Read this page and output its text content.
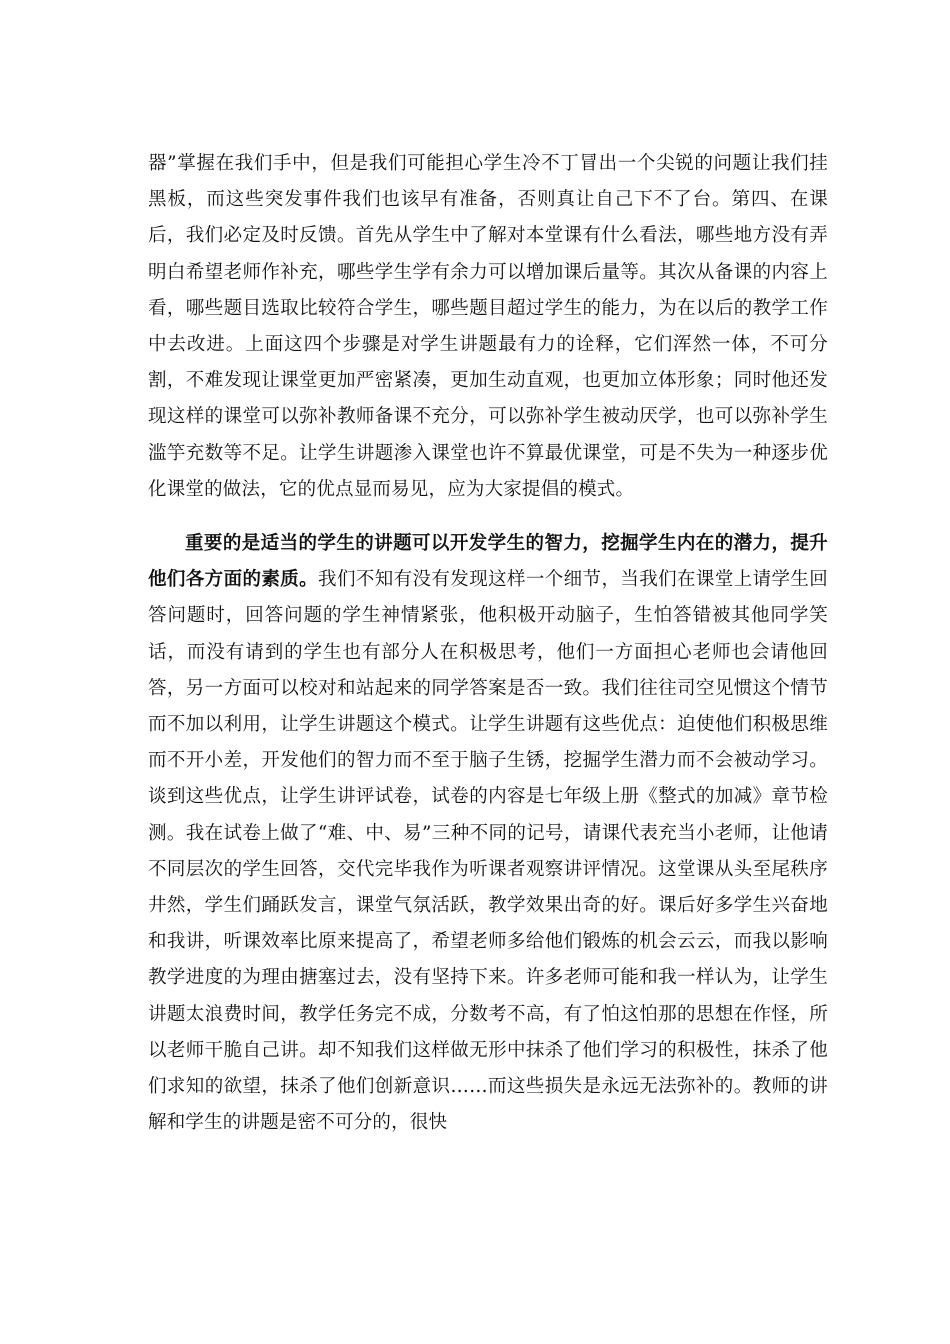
器”掌握在我们手中，但是我们可能担心学生冷不丁冒出一个尖锐的问题让我们挂黑板，而这些突发事件我们也该早有准备，否则真让自己下不了台。第四、在课后，我们必定及时反馈。首先从学生中了解对本堂课有什么看法，哪些地方没有弄明白希望老师作补充，哪些学生学有余力可以增加课后量等。其次从备课的内容上看，哪些题目选取比较符合学生，哪些题目超过学生的能力，为在以后的教学工作中去改进。上面这四个步骤是对学生讲题最有力的诠释，它们浑然一体，不可分割，不难发现让课堂更加严密紧凑，更加生动直观，也更加立体形象；同时他还发现这样的课堂可以弥补教师备课不充分，可以弥补学生被动厌学，也可以弥补学生滥竽充数等不足。让学生讲题渗入课堂也许不算最优课堂，可是不失为一种逐步优化课堂的做法，它的优点显而易见，应为大家提倡的模式。

重要的是适当的学生的讲题可以开发学生的智力，挖掘学生内在的潜力，提升他们各方面的素质。我们不知有没有发现这样一个细节，当我们在课堂上请学生回答问题时，回答问题的学生神情紧张，他积极开动脑子，生怕答错被其他同学笑话，而没有请到的学生也有部分人在积极思考，他们一方面担心老师也会请他回答，另一方面可以校对和站起来的同学答案是否一致。我们往往司空见惯这个情节而不加以利用，让学生讲题这个模式。让学生讲题有这些优点：迫使他们积极思维而不开小差，开发他们的智力而不至于脑子生锈，挖掘学生潜力而不会被动学习。谈到这些优点，让学生讲评试卷，试卷的内容是七年级上册《整式的加减》章节检测。我在试卷上做了“难、中、易”三种不同的记号，请课代表充当小老师，让他请不同层次的学生回答，交代完毕我作为听课者观察讲评情况。这堂课从头至尾秩序井然，学生们踊跃发言，课堂气氛活跃，教学效果出奇的好。课后好多学生兴奋地和我讲，听课效率比原来提高了，希望老师多给他们锻炼的机会云云，而我以影响教学进度的为理由搪塞过去，没有坚持下来。许多老师可能和我一样认为，让学生讲题太浪费时间，教学任务完不成，分数考不高，有了怕这怕那的思想在作怪，所以老师干脆自己讲。却不知我们这样做无形中抹杀了他们学习的积极性，抹杀了他们求知的欲望，抹杀了他们创新意识……而这些损失是永远无法弥补的。教师的讲解和学生的讲题是密不可分的，很快
